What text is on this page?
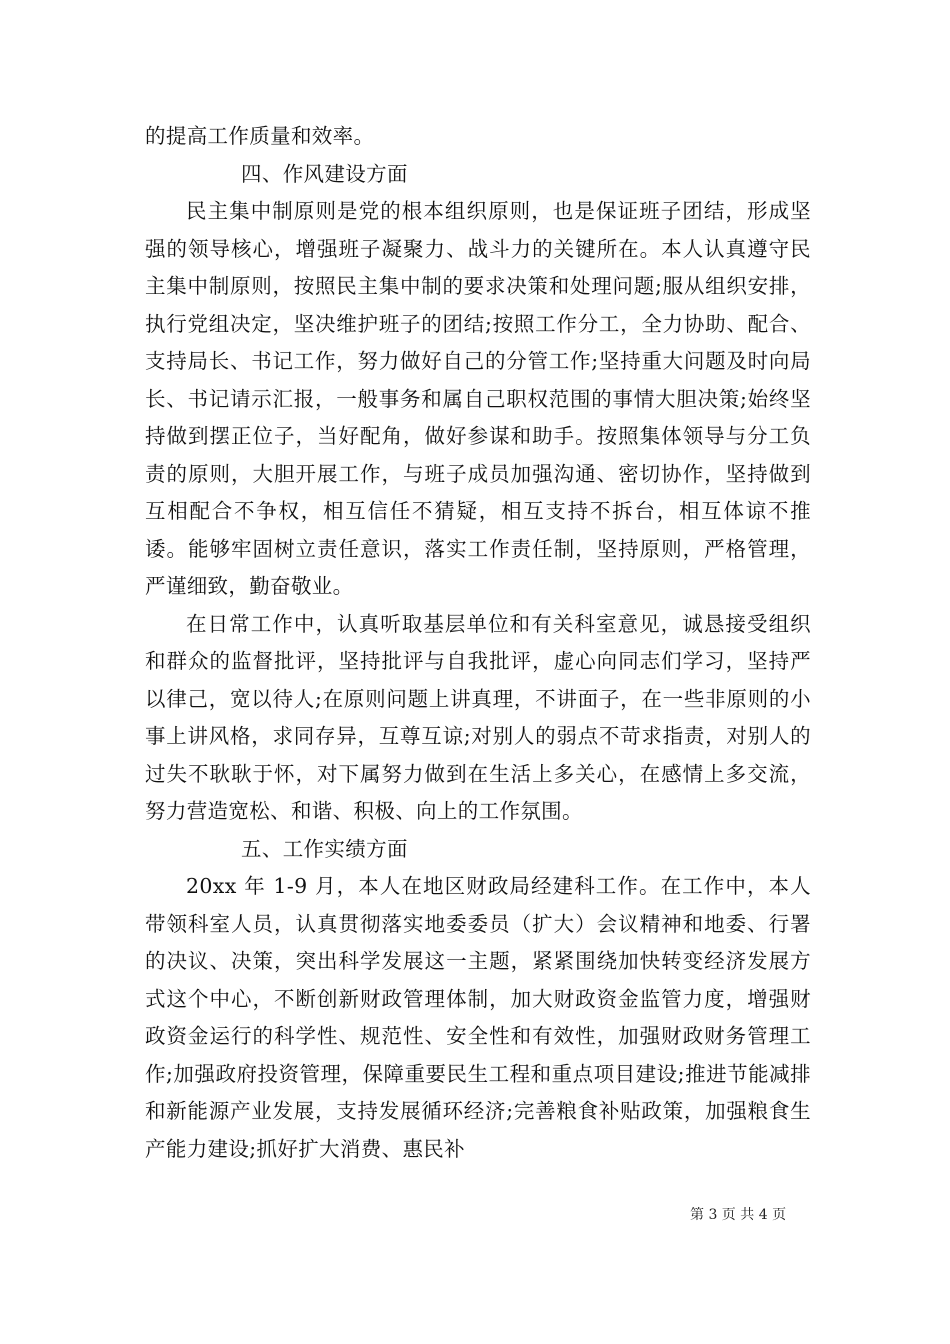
的提高工作质量和效率。

四、作风建设方面

民主集中制原则是党的根本组织原则，也是保证班子团结，形成坚强的领导核心，增强班子凝聚力、战斗力的关键所在。本人认真遵守民主集中制原则，按照民主集中制的要求决策和处理问题;服从组织安排，执行党组决定，坚决维护班子的团结;按照工作分工，全力协助、配合、支持局长、书记工作，努力做好自己的分管工作;坚持重大问题及时向局长、书记请示汇报，一般事务和属自己职权范围的事情大胆决策;始终坚持做到摆正位子，当好配角，做好参谋和助手。按照集体领导与分工负责的原则，大胆开展工作，与班子成员加强沟通、密切协作，坚持做到互相配合不争权，相互信任不猜疑，相互支持不拆台，相互体谅不推诿。能够牢固树立责任意识，落实工作责任制，坚持原则，严格管理，严谨细致，勤奋敬业。

在日常工作中，认真听取基层单位和有关科室意见，诚恳接受组织和群众的监督批评，坚持批评与自我批评，虚心向同志们学习，坚持严以律己，宽以待人;在原则问题上讲真理，不讲面子，在一些非原则的小事上讲风格，求同存异，互尊互谅;对别人的弱点不苛求指责，对别人的过失不耿耿于怀，对下属努力做到在生活上多关心，在感情上多交流，努力营造宽松、和谐、积极、向上的工作氛围。

五、工作实绩方面

20xx 年 1-9 月，本人在地区财政局经建科工作。在工作中，本人带领科室人员，认真贯彻落实地委委员（扩大）会议精神和地委、行署的决议、决策，突出科学发展这一主题，紧紧围绕加快转变经济发展方式这个中心，不断创新财政管理体制，加大财政资金监管力度，增强财政资金运行的科学性、规范性、安全性和有效性，加强财政财务管理工作;加强政府投资管理，保障重要民生工程和重点项目建设;推进节能减排和新能源产业发展，支持发展循环经济;完善粮食补贴政策，加强粮食生产能力建设;抓好扩大消费、惠民补

第 3 页 共 4 页
